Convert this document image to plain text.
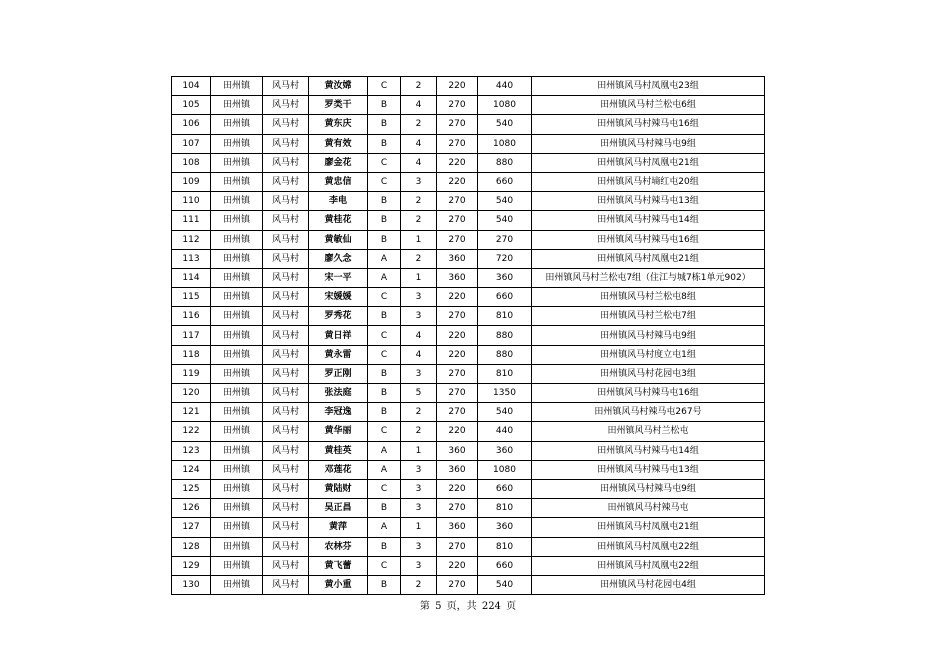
104	田州镇	风马村	黄汝嫦	C	2	220	440	田州镇风马村凤凰屯23组
105	田州镇	风马村	罗类干	B	4	270	1080	田州镇风马村兰松屯6组
106	田州镇	风马村	黄东庆	B	2	270	540	田州镇风马村辣马屯16组
107	田州镇	风马村	黄有效	B	4	270	1080	田州镇风马村辣马屯9组
108	田州镇	风马村	廖金花	C	4	220	880	田州镇风马村凤凰屯21组
109	田州镇	风马村	黄忠信	C	3	220	660	田州镇风马村墒红屯20组
110	田州镇	风马村	李电	B	2	270	540	田州镇风马村辣马屯13组
111	田州镇	风马村	黄桂花	B	2	270	540	田州镇风马村辣马屯14组
112	田州镇	风马村	黄敏仙	B	1	270	270	田州镇风马村辣马屯16组
113	田州镇	风马村	廖久念	A	2	360	720	田州镇风马村凤凰屯21组
114	田州镇	风马村	宋一平	A	1	360	360	田州镇风马村兰松屯7组（住江与城7栋1单元902）
115	田州镇	风马村	宋媛媛	C	3	220	660	田州镇风马村兰松屯8组
116	田州镇	风马村	罗秀花	B	3	270	810	田州镇风马村兰松屯7组
117	田州镇	风马村	黄日祥	C	4	220	880	田州镇风马村辣马屯9组
118	田州镇	风马村	黄永雷	C	4	220	880	田州镇风马村度立屯1组
119	田州镇	风马村	罗正刚	B	3	270	810	田州镇风马村花园屯3组
120	田州镇	风马村	张法庭	B	5	270	1350	田州镇风马村辣马屯16组
121	田州镇	风马村	李冠逸	B	2	270	540	田州镇风马村辣马屯267号
122	田州镇	风马村	黄华丽	C	2	220	440	田州镇风马村兰松屯
123	田州镇	风马村	黄桂英	A	1	360	360	田州镇风马村辣马屯14组
124	田州镇	风马村	邓莲花	A	3	360	1080	田州镇风马村辣马屯13组
125	田州镇	风马村	黄陆财	C	3	220	660	田州镇风马村辣马屯9组
126	田州镇	风马村	吴正昌	B	3	270	810	田州镇风马村辣马屯
127	田州镇	风马村	黄萍	A	1	360	360	田州镇风马村凤凰屯21组
128	田州镇	风马村	农林芬	B	3	270	810	田州镇风马村凤凰屯22组
129	田州镇	风马村	黄飞蕾	C	3	220	660	田州镇风马村凤凰屯22组
130	田州镇	风马村	黄小重	B	2	270	540	田州镇风马村花园屯4组
第 5 页，共 224 页
